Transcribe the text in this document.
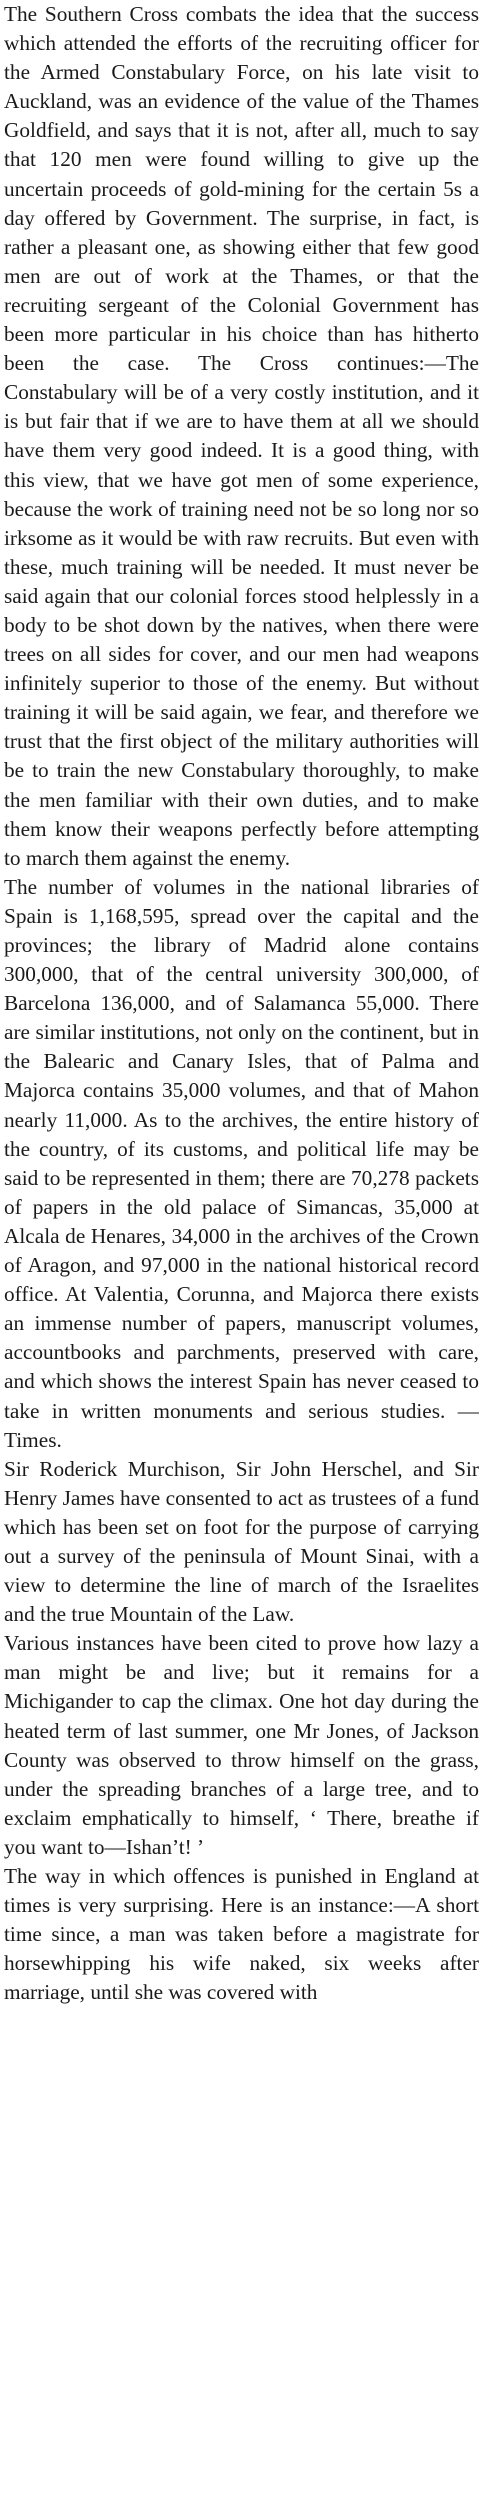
The Southern Cross combats the idea that the success which attended the efforts of the recruiting officer for the Armed Constabulary Force, on his late visit to Auckland, was an evidence of the value of the Thames Goldfield, and says that it is not, after all, much to say that 120 men were found willing to give up the uncertain proceeds of gold-mining for the certain 5s a day offered by Government. The surprise, in fact, is rather a pleasant one, as showing either that few good men are out of work at the Thames, or that the recruiting sergeant of the Colonial Government has been more particular in his choice than has hitherto been the case. The Cross continues:—The Constabulary will be of a very costly institution, and it is but fair that if we are to have them at all we should have them very good indeed. It is a good thing, with this view, that we have got men of some experience, because the work of training need not be so long nor so irksome as it would be with raw recruits. But even with these, much training will be needed. It must never be said again that our colonial forces stood helplessly in a body to be shot down by the natives, when there were trees on all sides for cover, and our men had weapons infinitely superior to those of the enemy. But without training it will be said again, we fear, and therefore we trust that the first object of the military authorities will be to train the new Constabulary thoroughly, to make the men familiar with their own duties, and to make them know their weapons perfectly before attempting to march them against the enemy.

The number of volumes in the national libraries of Spain is 1,168,595, spread over the capital and the provinces; the library of Madrid alone contains 300,000, that of the central university 300,000, of Barcelona 136,000, and of Salamanca 55,000. There are similar institutions, not only on the continent, but in the Balearic and Canary Isles, that of Palma and Majorca contains 35,000 volumes, and that of Mahon nearly 11,000. As to the archives, the entire history of the country, of its customs, and political life may be said to be represented in them; there are 70,278 packets of papers in the old palace of Simancas, 35,000 at Alcala de Henares, 34,000 in the archives of the Crown of Aragon, and 97,000 in the national historical record office. At Valentia, Corunna, and Majorca there exists an immense number of papers, manuscript volumes, accountbooks and parchments, preserved with care, and which shows the interest Spain has never ceased to take in written monuments and serious studies. —Times.

Sir Roderick Murchison, Sir John Herschel, and Sir Henry James have consented to act as trustees of a fund which has been set on foot for the purpose of carrying out a survey of the peninsula of Mount Sinai, with a view to determine the line of march of the Israelites and the true Mountain of the Law.

Various instances have been cited to prove how lazy a man might be and live; but it remains for a Michigander to cap the climax. One hot day during the heated term of last summer, one Mr Jones, of Jackson County was observed to throw himself on the grass, under the spreading branches of a large tree, and to exclaim emphatically to himself, ‘ There, breathe if you want to—Ishan’t! ’

The way in which offences is punished in England at times is very surprising. Here is an instance:—A short time since, a man was taken before a magistrate for horsewhipping his wife naked, six weeks after marriage, until she was covered with
